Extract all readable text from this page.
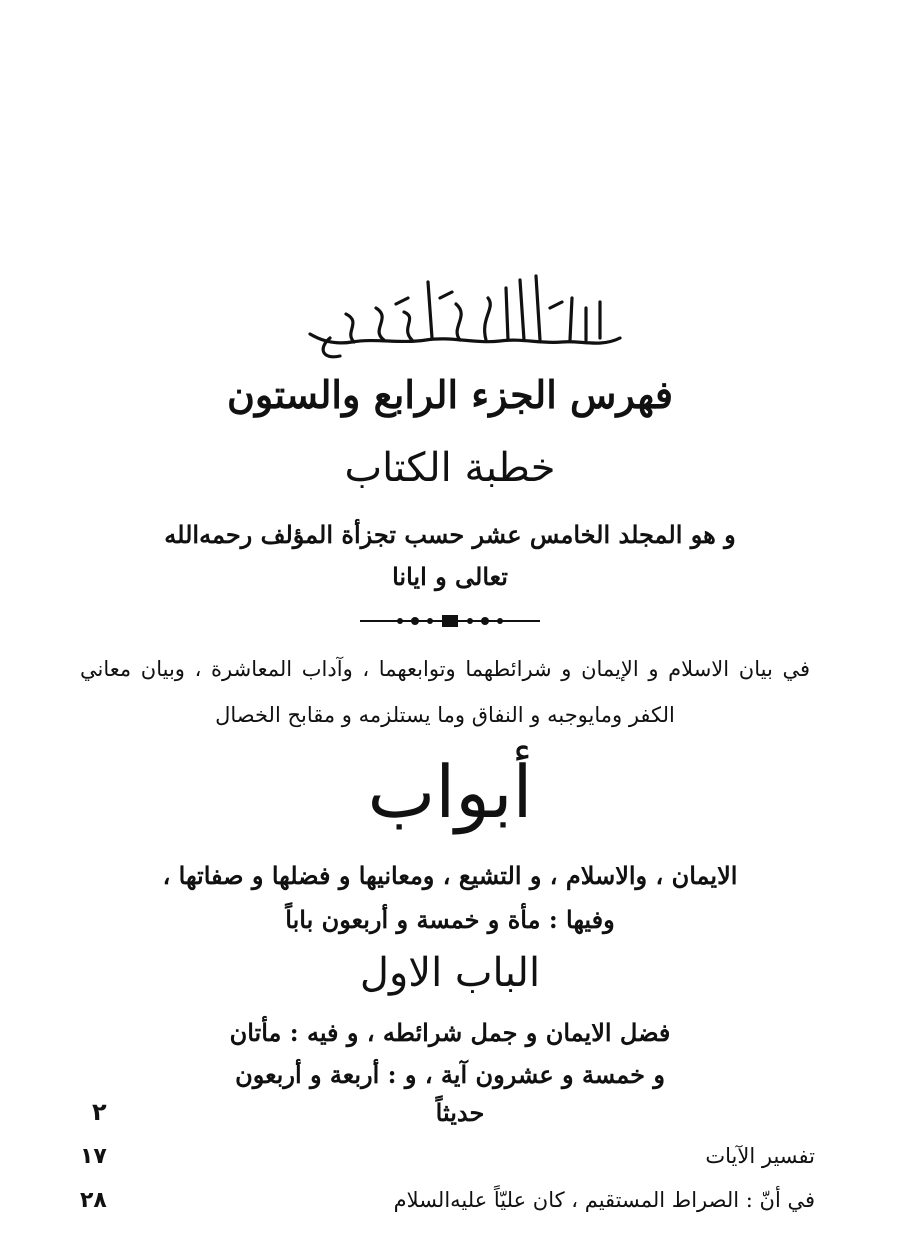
فهرس الجزء الرابع والستون
خطبة الكتاب
و هو المجلد الخامس عشر حسب تجزأة المؤلف رحمه‌الله
تعالى و ايانا
في بيان الاسلام و الإيمان و شرائطهما وتوابعهما ، وآداب المعاشرة ، وبيان معاني الكفر ومايوجبه و النفاق وما يستلزمه و مقابح الخصال
أبواب
الايمان ، والاسلام ، و التشيع ، ومعانيها و فضلها و صفاتها ،
وفيها : مأة و خمسة و أربعون باباً
الباب الاول
فضل الايمان و جمل شرائطه ، و فيه : مأتان
و خمسة و عشرون آية ، و : أربعة و أربعون
حديثاً
٢
تفسير الآيات
١٧
في أنّ : الصراط المستقيم ، كان عليّاً عليه‌السلام
٢٨
